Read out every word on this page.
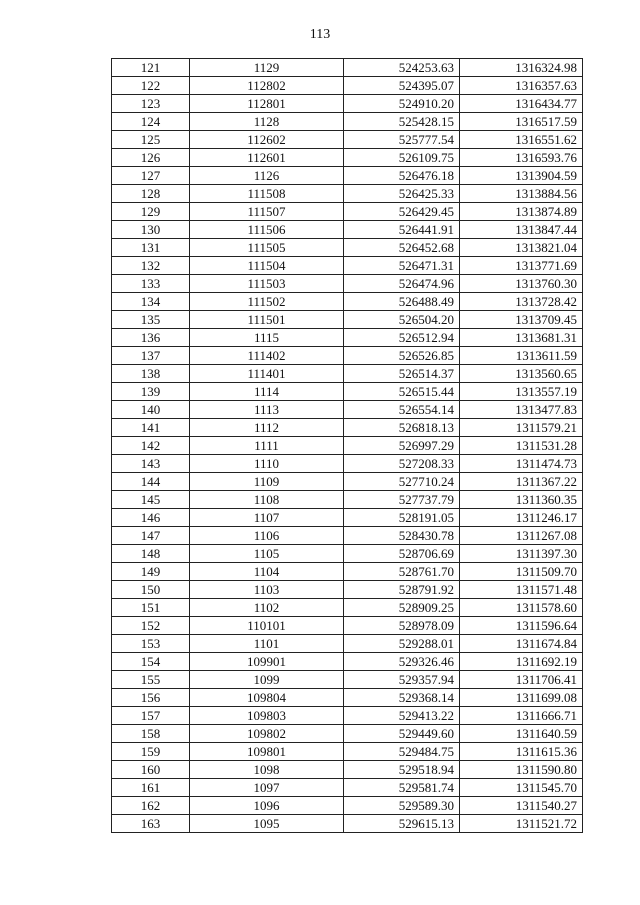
113
121	1129	524253.63	1316324.98
122	112802	524395.07	1316357.63
123	112801	524910.20	1316434.77
124	1128	525428.15	1316517.59
125	112602	525777.54	1316551.62
126	112601	526109.75	1316593.76
127	1126	526476.18	1313904.59
128	111508	526425.33	1313884.56
129	111507	526429.45	1313874.89
130	111506	526441.91	1313847.44
131	111505	526452.68	1313821.04
132	111504	526471.31	1313771.69
133	111503	526474.96	1313760.30
134	111502	526488.49	1313728.42
135	111501	526504.20	1313709.45
136	1115	526512.94	1313681.31
137	111402	526526.85	1313611.59
138	111401	526514.37	1313560.65
139	1114	526515.44	1313557.19
140	1113	526554.14	1313477.83
141	1112	526818.13	1311579.21
142	1111	526997.29	1311531.28
143	1110	527208.33	1311474.73
144	1109	527710.24	1311367.22
145	1108	527737.79	1311360.35
146	1107	528191.05	1311246.17
147	1106	528430.78	1311267.08
148	1105	528706.69	1311397.30
149	1104	528761.70	1311509.70
150	1103	528791.92	1311571.48
151	1102	528909.25	1311578.60
152	110101	528978.09	1311596.64
153	1101	529288.01	1311674.84
154	109901	529326.46	1311692.19
155	1099	529357.94	1311706.41
156	109804	529368.14	1311699.08
157	109803	529413.22	1311666.71
158	109802	529449.60	1311640.59
159	109801	529484.75	1311615.36
160	1098	529518.94	1311590.80
161	1097	529581.74	1311545.70
162	1096	529589.30	1311540.27
163	1095	529615.13	1311521.72
